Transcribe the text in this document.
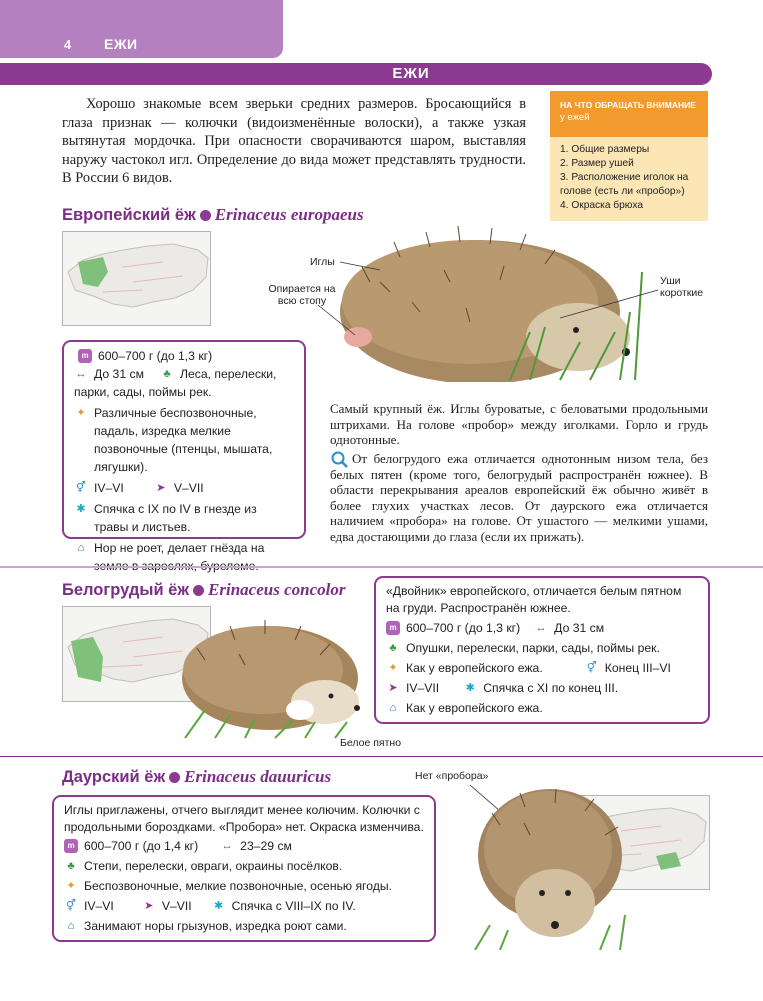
4 ЕЖИ
ЕЖИ

Хорошо знакомые всем зверьки средних размеров. Бросающийся в глаза признак — колючки (видоизменённые волоски), а также узкая вытянутая мордочка. При опасности сворачиваются шаром, выставляя наружу частокол игл. Определение до вида может представлять трудности. В России 6 видов.

НА ЧТО ОБРАЩАТЬ ВНИМАНИЕ у ежей
1. Общие размеры
2. Размер ушей
3. Расположение иголок на голове (есть ли «пробор»)
4. Окраска брюха
Европейский ёж Erinaceus europaeus
Иглы
Опирается на всю стопу
Уши короткие
m 600–700 г (до 1,3 кг)
↔ До 31 см	♣ Леса, перелески,
парки, сады, поймы рек.
✦ Различные беспозвоночные, падаль, изредка мелкие позвоночные (птенцы, мышата, лягушки).
⚥ IV–VI	➤ V–VII
✱ Спячка с IX по IV в гнезде из травы и листьев.
⌂ Нор не роет, делает гнёзда на

Самый крупный ёж. Иглы буроватые, с беловатыми продольными штрихами. На голове «пробор» между иголками. Горло и грудь однотонные.

От белогрудого ежа отличается однотонным низом тела, без белых пятен (кроме того, белогрудый распространён южнее). В области перекрывания ареалов европейский ёж обычно живёт в более глухих участках лесов. От даурского ежа отличается наличием «пробора» на голове. От ушастого — мелкими ушами, едва достающими до глаза (если их прижать).

Белогрудый ёж Erinaceus concolor
Белое пятно
«Двойник» европейского, отличается белым пятном на груди. Распространён южнее.
m 600–700 г (до 1,3 кг) ↔ До 31 см
♣ Опушки, перелески, парки, сады, поймы рек.
✦ Как у европейского ежа.	⚥ Конец III–VI
➤ IV–VII ✱ Спячка с XI по конец III.
⌂ Как у европейского ежа.
Даурский ёж Erinaceus dauuricus	Нет «пробора»
Иглы приглажены, отчего выглядит менее колючим. Колючки с продольными бороздками. «Пробора» нет. Окраска изменчива.
m 600–700 г (до 1,4 кг) ↔ 23–29 см
♣ Степи, перелески, овраги, окраины посёлков.
✦ Беспозвоночные, мелкие позвоночные, осенью ягоды.
⚥ IV–VI	➤ V–VII ✱ Спячка с VIII–IX по IV.
⌂ Занимают норы грызунов, изредка роют сами.
